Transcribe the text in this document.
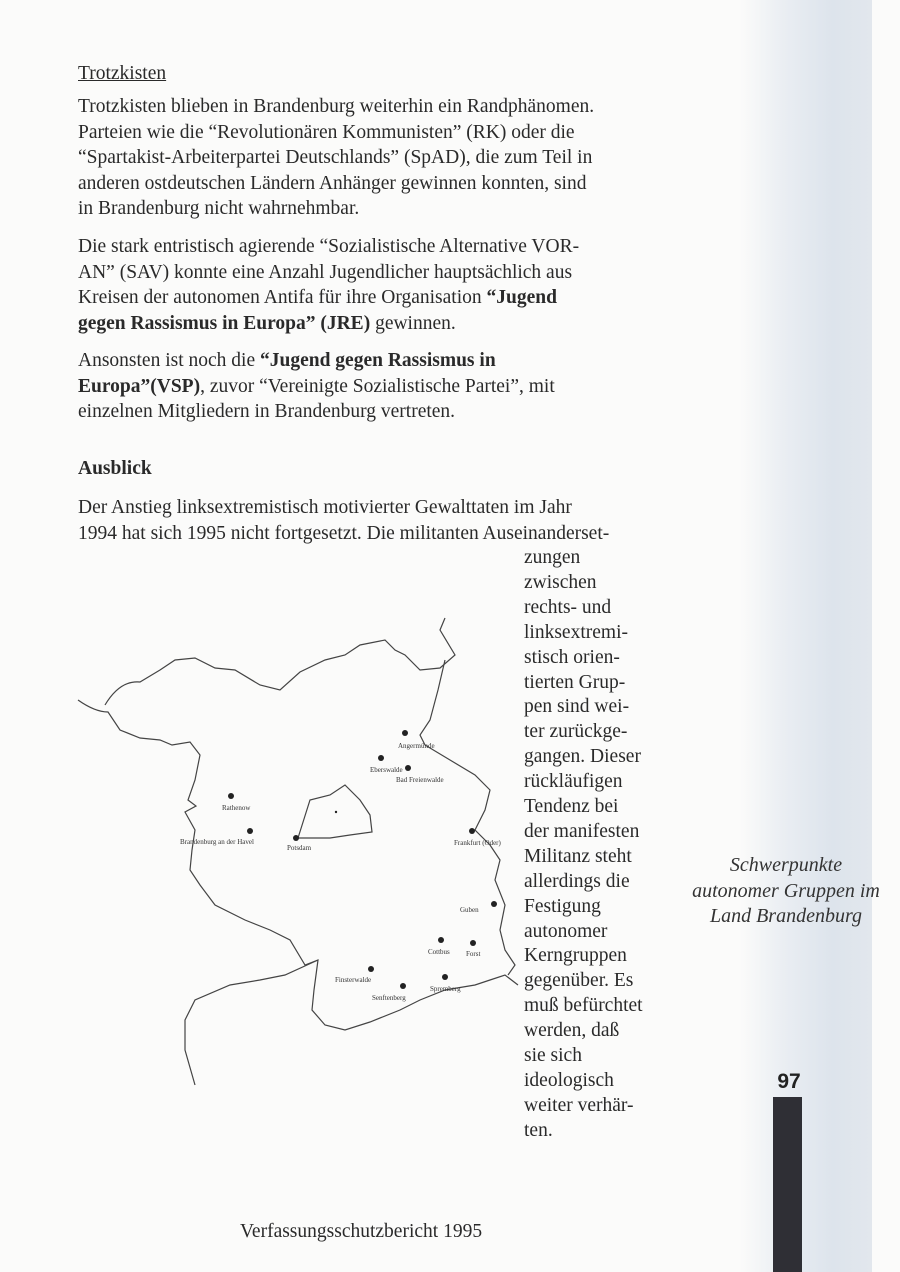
Trotzkisten
Trotzkisten blieben in Brandenburg weiterhin ein Randphänomen.
Parteien wie die “Revolutionären Kommunisten” (RK) oder die
“Spartakist-Arbeiterpartei Deutschlands” (SpAD), die zum Teil in
anderen ostdeutschen Ländern Anhänger gewinnen konnten, sind
in Brandenburg nicht wahrnehmbar.
Die stark entristisch agierende “Sozialistische Alternative VOR-
AN” (SAV) konnte eine Anzahl Jugendlicher hauptsächlich aus
Kreisen der autonomen Antifa für ihre Organisation “Jugend
gegen Rassismus in Europa” (JRE) gewinnen.
Ansonsten ist noch die “Jugend gegen Rassismus in
Europa”(VSP), zuvor “Vereinigte Sozialistische Partei”, mit
einzelnen Mitgliedern in Brandenburg vertreten.
Ausblick
Der Anstieg linksextremistisch motivierter Gewalttaten im Jahr
1994 hat sich 1995 nicht fortgesetzt. Die militanten Auseinanderset-
zungen
zwischen
rechts- und
linksextremi-
stisch orien-
tierten Grup-
pen sind wei-
ter zurückge-
gangen. Dieser
rückläufigen
Tendenz bei
der manifesten
Militanz steht
allerdings die
Festigung
autonomer
Kerngruppen
gegenüber. Es
muß befürchtet
werden, daß
sie sich
ideologisch
weiter verhär-
ten.
Angermünde
Eberswalde
Bad Freienwalde
Rathenow
Brandenburg an der Havel
Potsdam
Frankfurt (Oder)
Guben
Cottbus Forst
Finsterwalde
Senftenberg
Spremberg
Schwerpunkte autonomer Gruppen im Land Brandenburg
97
Verfassungsschutzbericht 1995
